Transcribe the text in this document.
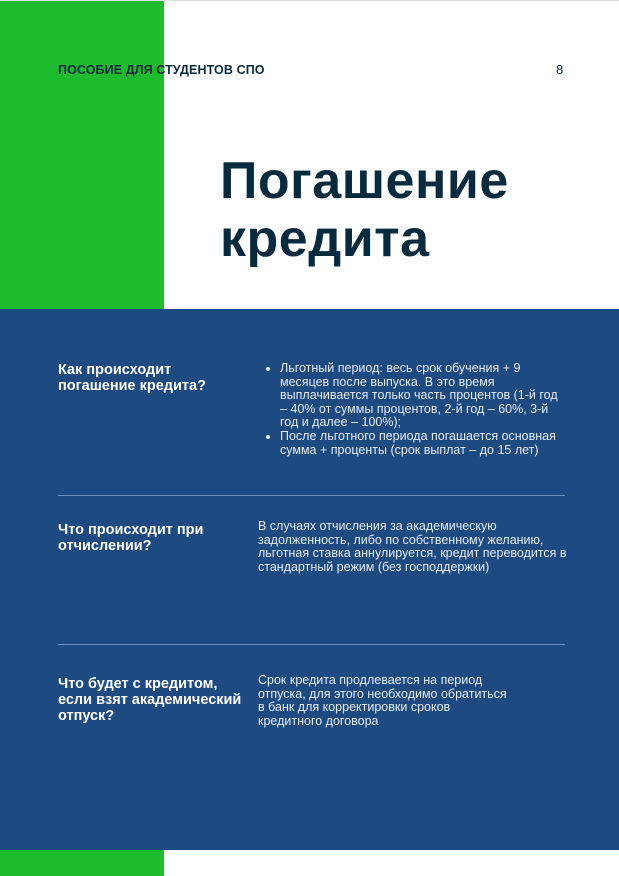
ПОСОБИЕ ДЛЯ СТУДЕНТОВ СПО	8
Погашение
кредита
Как происходит погашение кредита?
• Льготный период: весь срок обучения + 9 месяцев после выпуска. В это время выплачивается только часть процентов (1-й год – 40% от суммы процентов, 2-й год – 60%, 3-й год и далее – 100%);
• После льготного периода погашается основная сумма + проценты (срок выплат – до 15 лет)
Что происходит при отчислении?
В случаях отчисления за академическую задолженность, либо по собственному желанию, льготная ставка аннулируется, кредит переводится в стандартный режим (без господдержки)
Что будет с кредитом, если взят академический отпуск?
Срок кредита продлевается на период отпуска, для этого необходимо обратиться в банк для корректировки сроков кредитного договора
